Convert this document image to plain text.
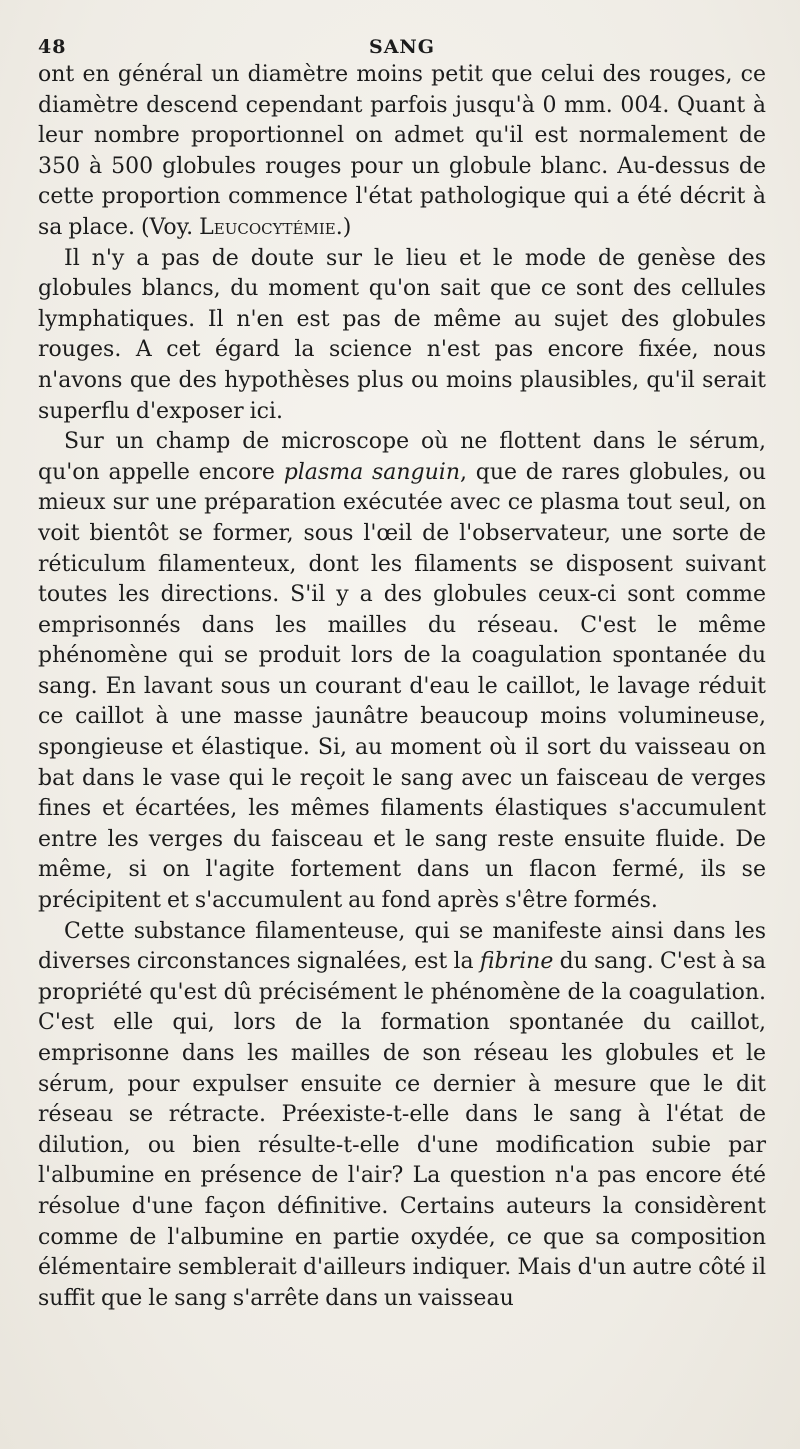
48	SANG

ont en général un diamètre moins petit que celui des rouges, ce diamètre descend cependant parfois jusqu'à 0 mm. 004. Quant à leur nombre proportionnel on admet qu'il est normalement de 350 à 500 globules rouges pour un globule blanc. Au-dessus de cette proportion commence l'état pathologique qui a été décrit à sa place. (Voy. Leucocytémie.)

Il n'y a pas de doute sur le lieu et le mode de genèse des globules blancs, du moment qu'on sait que ce sont des cellules lymphatiques. Il n'en est pas de même au sujet des globules rouges. A cet égard la science n'est pas encore fixée, nous n'avons que des hypothèses plus ou moins plausibles, qu'il serait superflu d'exposer ici.

Sur un champ de microscope où ne flottent dans le sérum, qu'on appelle encore plasma sanguin, que de rares globules, ou mieux sur une préparation exécutée avec ce plasma tout seul, on voit bientôt se former, sous l'œil de l'observateur, une sorte de réticulum filamenteux, dont les filaments se disposent suivant toutes les directions. S'il y a des globules ceux-ci sont comme emprisonnés dans les mailles du réseau. C'est le même phénomène qui se produit lors de la coagulation spontanée du sang. En lavant sous un courant d'eau le caillot, le lavage réduit ce caillot à une masse jaunâtre beaucoup moins volumineuse, spongieuse et élastique. Si, au moment où il sort du vaisseau on bat dans le vase qui le reçoit le sang avec un faisceau de verges fines et écartées, les mêmes filaments élastiques s'accumulent entre les verges du faisceau et le sang reste ensuite fluide. De même, si on l'agite fortement dans un flacon fermé, ils se précipitent et s'accumulent au fond après s'être formés.

Cette substance filamenteuse, qui se manifeste ainsi dans les diverses circonstances signalées, est la fibrine du sang. C'est à sa propriété qu'est dû précisément le phénomène de la coagulation. C'est elle qui, lors de la formation spontanée du caillot, emprisonne dans les mailles de son réseau les globules et le sérum, pour expulser ensuite ce dernier à mesure que le dit réseau se rétracte. Préexiste-t-elle dans le sang à l'état de dilution, ou bien résulte-t-elle d'une modification subie par l'albumine en présence de l'air? La question n'a pas encore été résolue d'une façon définitive. Certains auteurs la considèrent comme de l'albumine en partie oxydée, ce que sa composition élémentaire semblerait d'ailleurs indiquer. Mais d'un autre côté il suffit que le sang s'arrête dans un vaisseau
